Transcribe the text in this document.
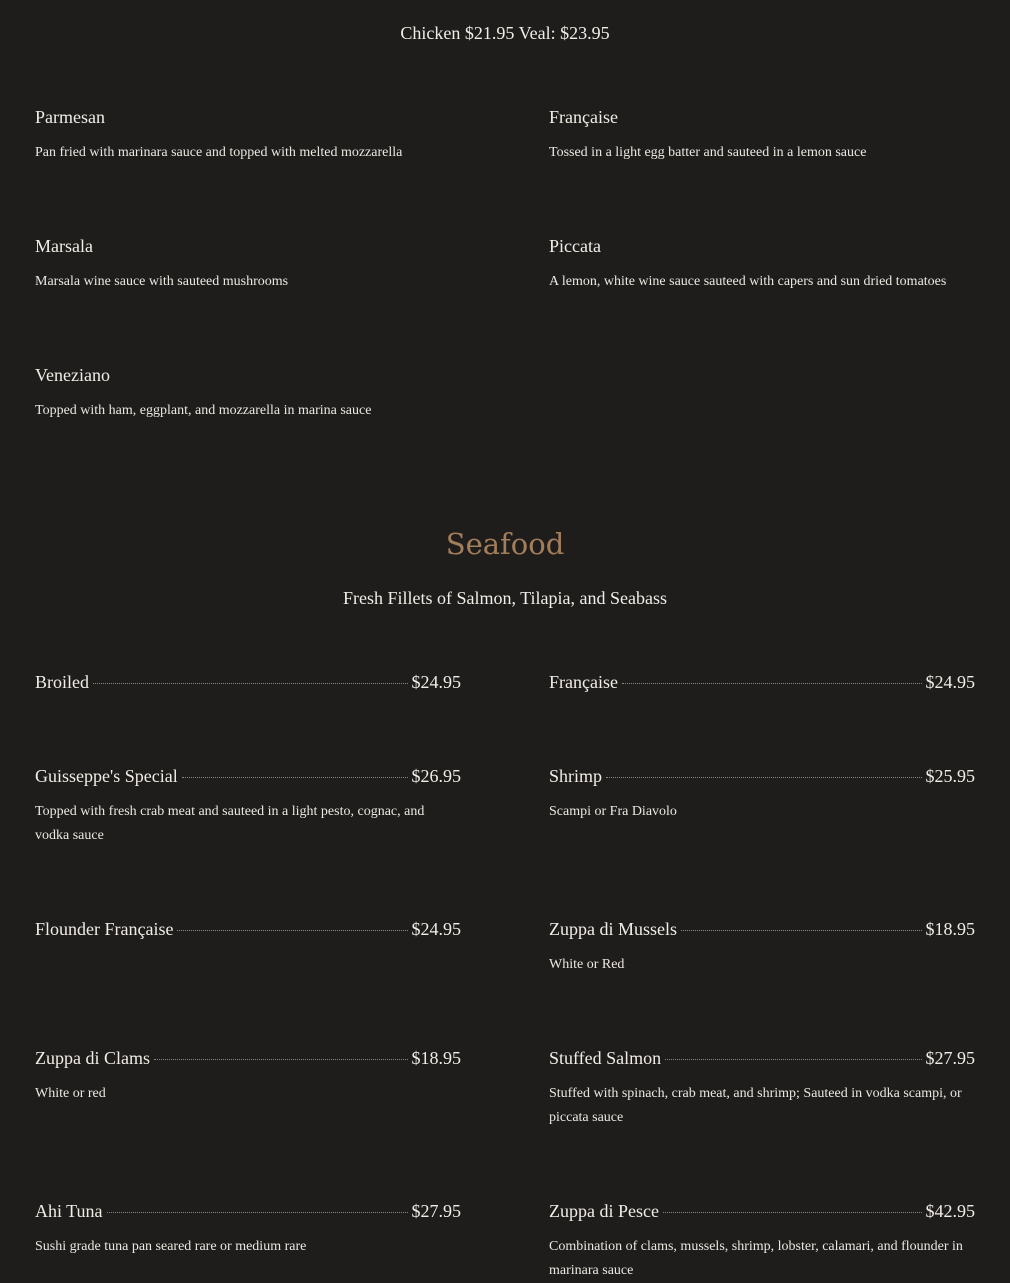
Chicken $21.95 Veal: $23.95
Parmesan
Pan fried with marinara sauce and topped with melted mozzarella
Française
Tossed in a light egg batter and sauteed in a lemon sauce
Marsala
Marsala wine sauce with sauteed mushrooms
Piccata
A lemon, white wine sauce sauteed with capers and sun dried tomatoes
Veneziano
Topped with ham, eggplant, and mozzarella in marina sauce
Seafood
Fresh Fillets of Salmon, Tilapia, and Seabass
Broiled	$24.95	Française	$24.95
Guisseppe's Special	$26.95
Topped with fresh crab meat and sauteed in a light pesto, cognac, and vodka sauce
Shrimp	$25.95
Scampi or Fra Diavolo
Flounder Française	$24.95	Zuppa di Mussels	$18.95
White or Red
Zuppa di Clams	$18.95
White or red
Stuffed Salmon	$27.95
Stuffed with spinach, crab meat, and shrimp; Sauteed in vodka scampi, or piccata sauce
Ahi Tuna	$27.95
Sushi grade tuna pan seared rare or medium rare
Zuppa di Pesce	$42.95
Combination of clams, mussels, shrimp, lobster, calamari, and flounder in marinara sauce
